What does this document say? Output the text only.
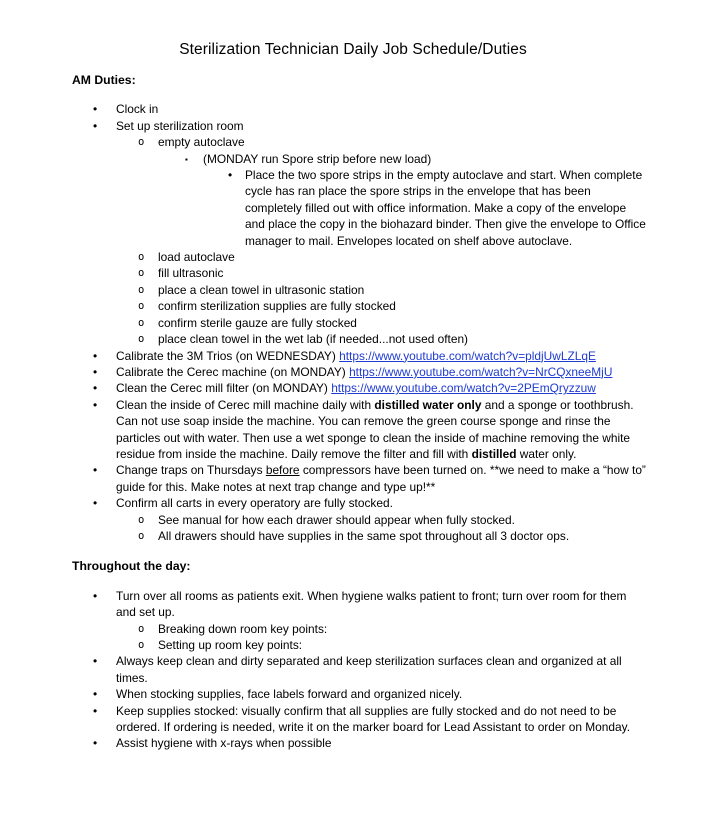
Sterilization Technician Daily Job Schedule/Duties
AM Duties:
• Clock in
• Set up sterilization room
o empty autoclave
▪ (MONDAY run Spore strip before new load)
• Place the two spore strips in the empty autoclave and start. When complete cycle has ran place the spore strips in the envelope that has been completely filled out with office information. Make a copy of the envelope and place the copy in the biohazard binder. Then give the envelope to Office manager to mail. Envelopes located on shelf above autoclave.
o load autoclave
o fill ultrasonic
o place a clean towel in ultrasonic station
o confirm sterilization supplies are fully stocked
o confirm sterile gauze are fully stocked
o place clean towel in the wet lab (if needed...not used often)
• Calibrate the 3M Trios (on WEDNESDAY) https://www.youtube.com/watch?v=pldjUwLZLqE
• Calibrate the Cerec machine (on MONDAY) https://www.youtube.com/watch?v=NrCQxneeMjU
• Clean the Cerec mill filter (on MONDAY) https://www.youtube.com/watch?v=2PEmQryzzuw
• Clean the inside of Cerec mill machine daily with distilled water only and a sponge or toothbrush. Can not use soap inside the machine. You can remove the green course sponge and rinse the particles out with water. Then use a wet sponge to clean the inside of machine removing the white residue from inside the machine. Daily remove the filter and fill with distilled water only.
• Change traps on Thursdays before compressors have been turned on. **we need to make a “how to” guide for this. Make notes at next trap change and type up!**
• Confirm all carts in every operatory are fully stocked.
o See manual for how each drawer should appear when fully stocked.
o All drawers should have supplies in the same spot throughout all 3 doctor ops.
Throughout the day:
• Turn over all rooms as patients exit. When hygiene walks patient to front; turn over room for them and set up.
o Breaking down room key points:
o Setting up room key points:
• Always keep clean and dirty separated and keep sterilization surfaces clean and organized at all times.
• When stocking supplies, face labels forward and organized nicely.
• Keep supplies stocked: visually confirm that all supplies are fully stocked and do not need to be ordered. If ordering is needed, write it on the marker board for Lead Assistant to order on Monday.
• Assist hygiene with x-rays when possible
